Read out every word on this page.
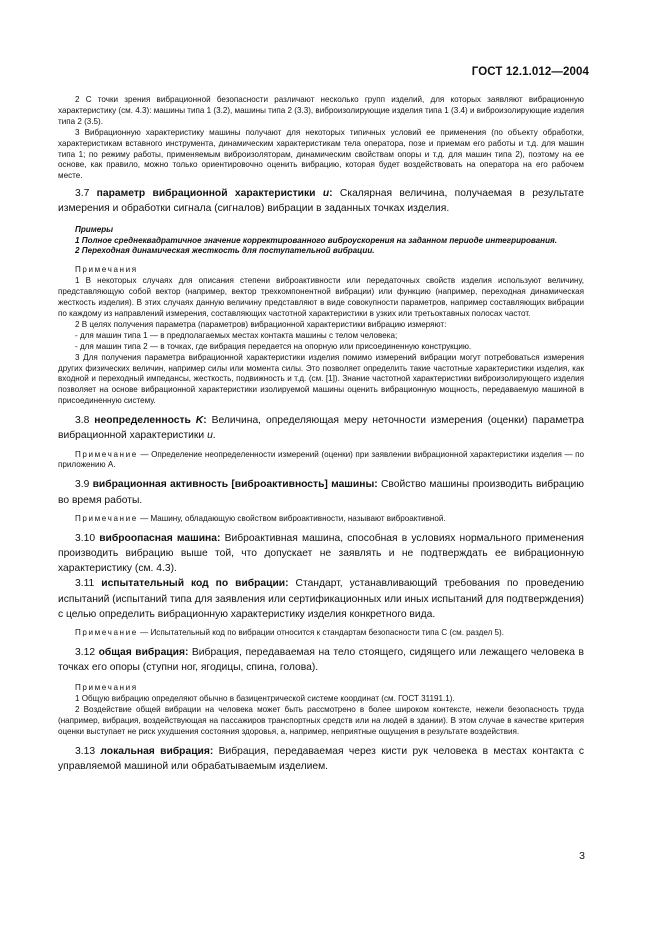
ГОСТ 12.1.012—2004

2 С точки зрения вибрационной безопасности различают несколько групп изделий, для которых заявляют вибрационную характеристику (см. 4.3): машины типа 1 (3.2), машины типа 2 (3.3), виброизолирующие изделия типа 1 (3.4) и виброизолирующие изделия типа 2 (3.5).

3 Вибрационную характеристику машины получают для некоторых типичных условий ее применения (по объекту обработки, характеристикам вставного инструмента, динамическим характеристикам тела оператора, позе и приемам его работы и т.д. для машин типа 1; по режиму работы, применяемым виброизоляторам, динамическим свойствам опоры и т.д. для машин типа 2), поэтому на ее основе, как правило, можно только ориентировочно оценить вибрацию, которая будет воздействовать на оператора на его рабочем месте.

3.7 параметр вибрационной характеристики u: Скалярная величина, получаемая в результате измерения и обработки сигнала (сигналов) вибрации в заданных точках изделия.

Примеры

1 Полное среднеквадратичное значение корректированного виброускорения на заданном периоде интегрирования.

2 Переходная динамическая жесткость для поступательной вибрации.

Примечания

1 В некоторых случаях для описания степени виброактивности или передаточных свойств изделия используют величину, представляющую собой вектор (например, вектор трехкомпонентной вибрации) или функцию (например, переходная динамическая жесткость изделия). В этих случаях данную величину представляют в виде совокупности параметров, например составляющих вибрации по каждому из направлений измерения, составляющих частотной характеристики в узких или третьоктавных полосах частот.

2 В целях получения параметра (параметров) вибрационной характеристики вибрацию измеряют:

- для машин типа 1 — в предполагаемых местах контакта машины с телом человека;

- для машин типа 2 — в точках, где вибрация передается на опорную или присоединенную конструкцию.

3 Для получения параметра вибрационной характеристики изделия помимо измерений вибрации могут потребоваться измерения других физических величин, например силы или момента силы. Это позволяет определить такие частотные характеристики изделия, как входной и переходный импедансы, жесткость, подвижность и т.д. (см. [1]). Знание частотной характеристики виброизолирующего изделия позволяет на основе вибрационной характеристики изолируемой машины оценить вибрационную мощность, передаваемую машиной в присоединенную систему.

3.8 неопределенность K: Величина, определяющая меру неточности измерения (оценки) параметра вибрационной характеристики u.

Примечание — Определение неопределенности измерений (оценки) при заявлении вибрационной характеристики изделия — по приложению А.

3.9 вибрационная активность [виброактивность] машины: Свойство машины производить вибрацию во время работы.

Примечание — Машину, обладающую свойством виброактивности, называют виброактивной.

3.10 виброопасная машина: Виброактивная машина, способная в условиях нормального применения производить вибрацию выше той, что допускает не заявлять и не подтверждать ее вибрационную характеристику (см. 4.3).

3.11 испытательный код по вибрации: Стандарт, устанавливающий требования по проведению испытаний (испытаний типа для заявления или сертификационных или иных испытаний для подтверждения) с целью определить вибрационную характеристику изделия конкретного вида.

Примечание — Испытательный код по вибрации относится к стандартам безопасности типа С (см. раздел 5).

3.12 общая вибрация: Вибрация, передаваемая на тело стоящего, сидящего или лежащего человека в точках его опоры (ступни ног, ягодицы, спина, голова).

Примечания

1 Общую вибрацию определяют обычно в базицентрической системе координат (см. ГОСТ 31191.1).

2 Воздействие общей вибрации на человека может быть рассмотрено в более широком контексте, нежели безопасность труда (например, вибрация, воздействующая на пассажиров транспортных средств или на людей в здании). В этом случае в качестве критерия оценки выступает не риск ухудшения состояния здоровья, а, например, неприятные ощущения в результате воздействия.

3.13 локальная вибрация: Вибрация, передаваемая через кисти рук человека в местах контакта с управляемой машиной или обрабатываемым изделием.

3
